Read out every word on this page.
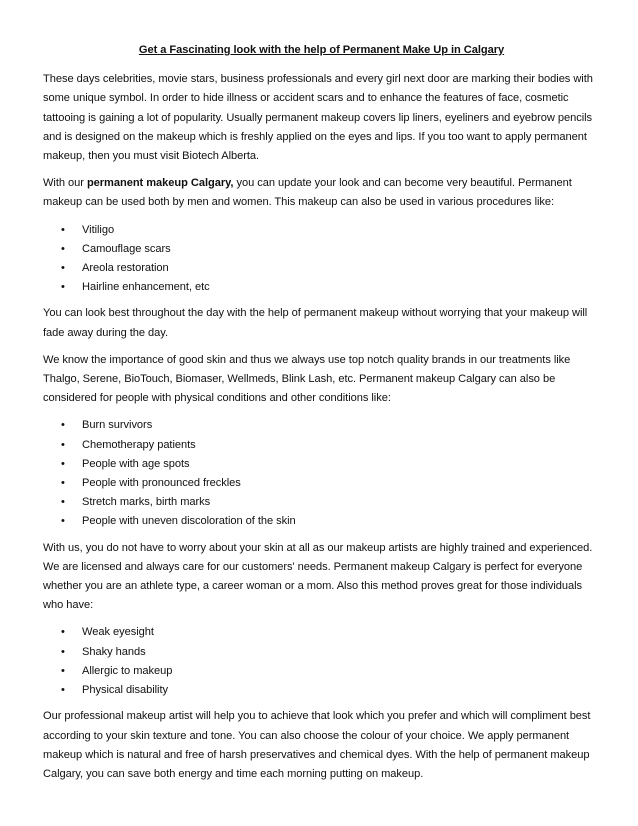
Get a Fascinating look with the help of Permanent Make Up in Calgary

These days celebrities, movie stars, business professionals and every girl next door are marking their bodies with some unique symbol. In order to hide illness or accident scars and to enhance the features of face, cosmetic tattooing is gaining a lot of popularity. Usually permanent makeup covers lip liners, eyeliners and eyebrow pencils and is designed on the makeup which is freshly applied on the eyes and lips. If you too want to apply permanent makeup, then you must visit Biotech Alberta.

With our permanent makeup Calgary, you can update your look and can become very beautiful. Permanent makeup can be used both by men and women. This makeup can also be used in various procedures like:

• Vitiligo
• Camouflage scars
• Areola restoration
• Hairline enhancement, etc

You can look best throughout the day with the help of permanent makeup without worrying that your makeup will fade away during the day.

We know the importance of good skin and thus we always use top notch quality brands in our treatments like Thalgo, Serene, BioTouch, Biomaser, Wellmeds, Blink Lash, etc. Permanent makeup Calgary can also be considered for people with physical conditions and other conditions like:

• Burn survivors
• Chemotherapy patients
• People with age spots
• People with pronounced freckles
• Stretch marks, birth marks
• People with uneven discoloration of the skin

With us, you do not have to worry about your skin at all as our makeup artists are highly trained and experienced. We are licensed and always care for our customers' needs. Permanent makeup Calgary is perfect for everyone whether you are an athlete type, a career woman or a mom. Also this method proves great for those individuals who have:

• Weak eyesight
• Shaky hands
• Allergic to makeup
• Physical disability

Our professional makeup artist will help you to achieve that look which you prefer and which will compliment best according to your skin texture and tone. You can also choose the colour of your choice. We apply permanent makeup which is natural and free of harsh preservatives and chemical dyes. With the help of permanent makeup Calgary, you can save both energy and time each morning putting on makeup.
